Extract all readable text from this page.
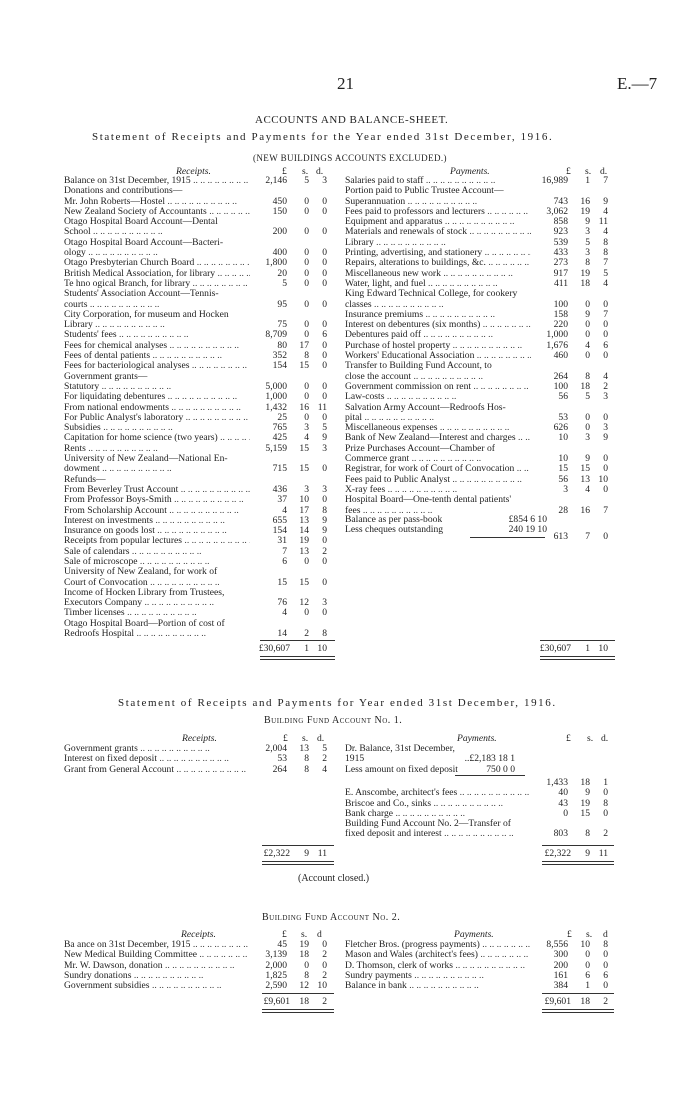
21	E.—7
ACCOUNTS AND BALANCE-SHEET.
Statement of Receipts and Payments for the Year ended 31st December, 1916.
(NEW BUILDINGS ACCOUNTS EXCLUDED.)
Receipts.	£ s. d.	Payments.	£ s. d.
Balance on 31st December, 1915 ..	2,146	5	3
Donations and contributions—
Mr. John Roberts—Hostel ..	450	0	0
New Zealand Society of Accountants ..	150	0	0
Otago Hospital Board Account—Dental
School ..	200	0	0
Otago Hospital Board Account—Bacteri-
ology ..	400	0	0
Otago Presbyterian Church Board ..	1,800	0	0
British Medical Association, for library ..	20	0	0
Te hno ogical Branch, for library ..	5	0	0
Students' Association Account—Tennis-
courts ..	95	0	0
City Corporation, for museum and Hocken
Library ..	75	0	0
Students' fees ..	8,709	0	6
Fees for chemical analyses ..	80	17	0
Fees of dental patients ..	352	8	0
Fees for bacteriological analyses ..	154	15	0
Government grants—
Statutory ..	5,000	0	0
For liquidating debentures ..	1,000	0	0
From national endowments ..	1,432	16 11
For Public Analyst's laboratory ..	25	0	0
Subsidies ..	765	3	5
Capitation for home science (two years) ..	425	4	9
Rents ..	5,159	15	3
University of New Zealand—National En-
dowment ..	715	15	0
Refunds—
From Beverley Trust Account ..	436	3	3
From Professor Boys-Smith ..	37	10	0
From Scholarship Account ..	4	17	8
Interest on investments ..	655	13	9
Insurance on goods lost ..	154	14	9
Receipts from popular lectures ..	31	19	0
Sale of calendars ..	7	13	2
Sale of microscope ..	6	0	0
University of New Zealand, for work of
Court of Convocation ..	15	15	0
Income of Hocken Library from Trustees,
Executors Company ..	76	12	3
Timber licenses ..	4	0	0
Otago Hospital Board—Portion of cost of
Redroofs Hospital ..	14	2	8
Salaries paid to staff ..	16,989	1	7
Portion paid to Public Trustee Account—
Superannuation ..	743	16	9
Fees paid to professors and lecturers ..	3,062	19	4
Equipment and apparatus ..	858	9 11
Materials and renewals of stock ..	923	3	4
Library ..	539	5	8
Printing, advertising, and stationery ..	433	3	8
Repairs, alterations to buildings, &c. ..	273	8	7
Miscellaneous new work ..	917	19	5
Water, light, and fuel ..	411	18	4
King Edward Technical College, for cookery
classes ..	100	0	0
Insurance premiums ..	158	9	7
Interest on debentures (six months) ..	220	0	0
Debentures paid off ..	1,000	0	0
Purchase of hostel property ..	1,676	4	6
Workers' Educational Association ..	460	0	0
Transfer to Building Fund Account, to
close the account ..	264	8	4
Government commission on rent ..	100	18	2
Law-costs ..	56	5	3
Salvation Army Account—Redroofs Hos-
pital ..	53	0	0
Miscellaneous expenses ..	626	0	3
Bank of New Zealand—Interest and charges ..	10	3	9
Prize Purchases Account—Chamber of
Commerce grant ..	10	9	0
Registrar, for work of Court of Convocation ..	15	15	0
Fees paid to Public Analyst ..	56	13 10
X-ray fees ..	3	4	0
Hospital Board—One-tenth dental patients'
fees ..	28	16	7
Balance as per pass-book	£854 6 10
Less cheques outstanding	240 19 10
613	7	0
£30,607	1 10	£30,607	1 10
Statement of Receipts and Payments for Year ended 31st December, 1916.
Building Fund Account No. 1.
Receipts.	£ s. d.	Payments.	£ s. d.
Government grants ..	2,004	13	5
Interest on fixed deposit ..	53	8	2
Grant from General Account ..	264	8	4
Dr. Balance, 31st December,
1915	..£2,183 18 1
Less amount on fixed deposit	750 0 0
1,433	18	1
E. Anscombe, architect's fees ..	40	9	0
Briscoe and Co., sinks ..	43	19	8
Bank charge ..	0	15	0
Building Fund Account No. 2—Transfer of
fixed deposit and interest ..	803	8	2
£2,322	9 11	£2,322	9 11
(Account closed.)
Building Fund Account No. 2.
Receipts.	£ s. d	Payments.	£ s. d
Ba ance on 31st December, 1915 ..	45	19	0
New Medical Building Committee ..	3,139	18	2
Mr. W. Dawson, donation ..	2,000	0	0
Sundry donations ..	1,825	8	2
Government subsidies ..	2,590	12 10
Fletcher Bros. (progress payments) ..	8,556	10	8
Mason and Wales (architect's fees) ..	300	0	0
D. Thomson, clerk of works ..	200	0	0
Sundry payments ..	161	6	6
Balance in bank ..	384	1	0
£9,601 18	2	£9,601 18	2
